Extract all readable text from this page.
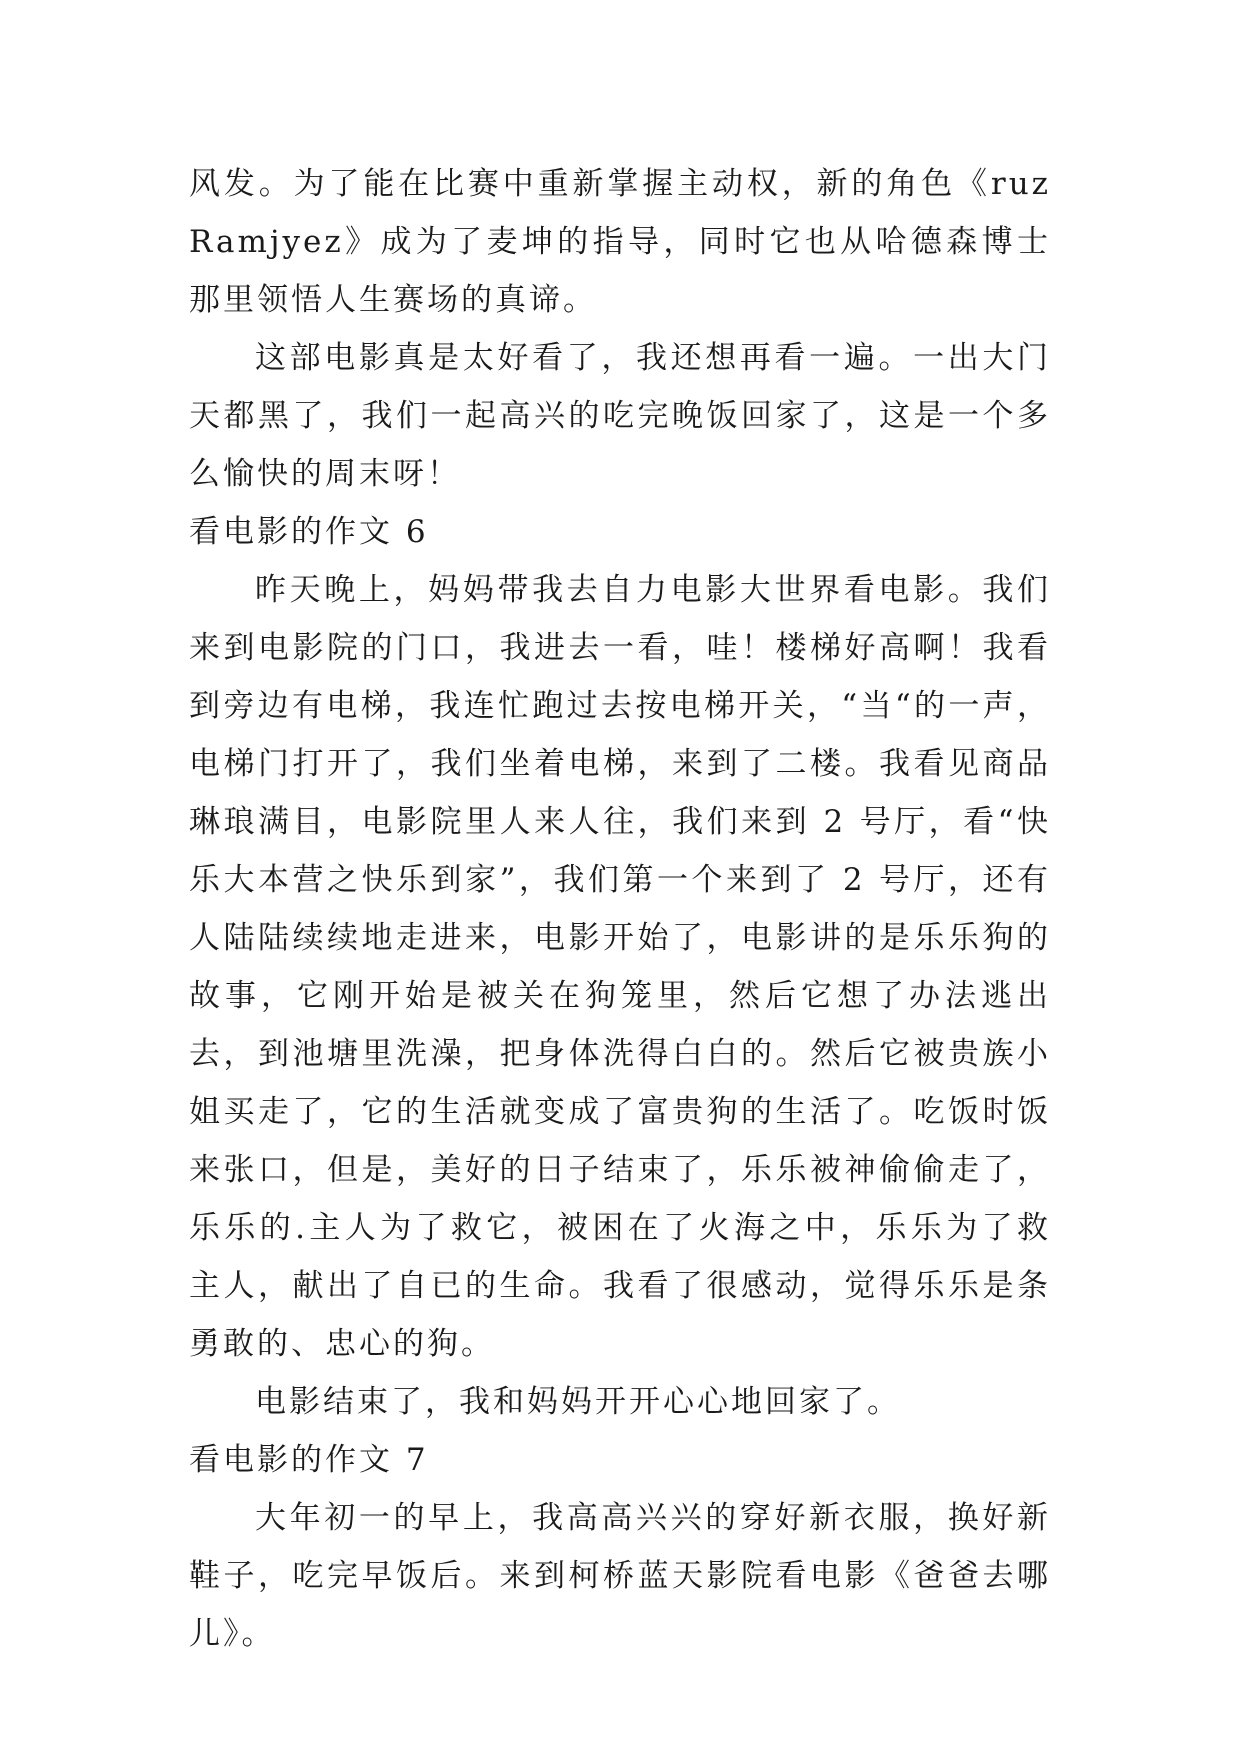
风发。为了能在比赛中重新掌握主动权，新的角色《ruzRamjyez》成为了麦坤的指导，同时它也从哈德森博士那里领悟人生赛场的真谛。

这部电影真是太好看了，我还想再看一遍。一出大门天都黑了，我们一起高兴的吃完晚饭回家了，这是一个多么愉快的周末呀！

看电影的作文 6

昨天晚上，妈妈带我去自力电影大世界看电影。我们来到电影院的门口，我进去一看，哇！楼梯好高啊！我看到旁边有电梯，我连忙跑过去按电梯开关，“当“的一声，电梯门打开了，我们坐着电梯，来到了二楼。我看见商品琳琅满目，电影院里人来人往，我们来到 2 号厅，看“快乐大本营之快乐到家”，我们第一个来到了 2 号厅，还有人陆陆续续地走进来，电影开始了，电影讲的是乐乐狗的故事，它刚开始是被关在狗笼里，然后它想了办法逃出去，到池塘里洗澡，把身体洗得白白的。然后它被贵族小姐买走了，它的生活就变成了富贵狗的生活了。吃饭时饭来张口，但是，美好的日子结束了，乐乐被神偷偷走了，乐乐的.主人为了救它，被困在了火海之中，乐乐为了救主人，献出了自已的生命。我看了很感动，觉得乐乐是条勇敢的、忠心的狗。

电影结束了，我和妈妈开开心心地回家了。

看电影的作文 7

大年初一的早上，我高高兴兴的穿好新衣服，换好新鞋子，吃完早饭后。来到柯桥蓝天影院看电影《爸爸去哪儿》。
